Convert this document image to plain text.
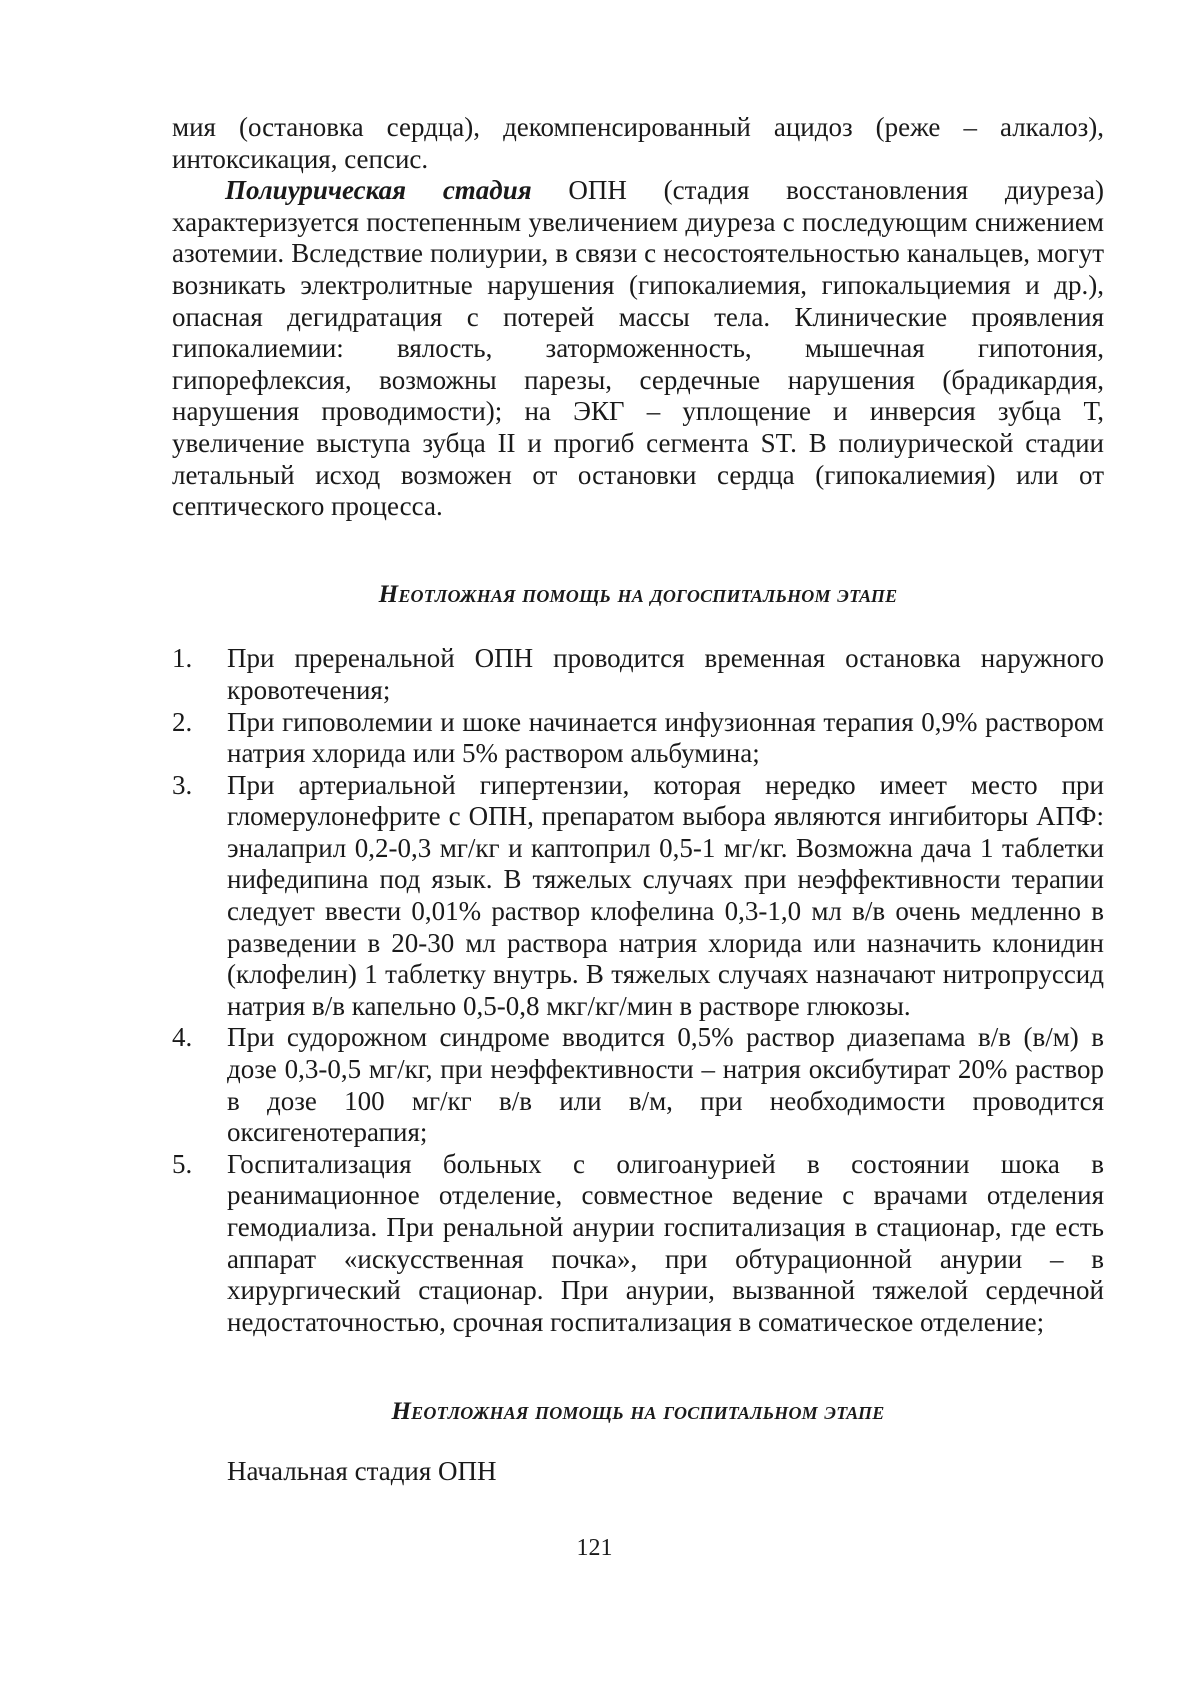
мия (остановка сердца), декомпенсированный ацидоз (реже – алкалоз), интоксикация, сепсис.

Полиурическая стадия ОПН (стадия восстановления диуреза) характеризуется постепенным увеличением диуреза с последующим снижением азотемии. Вследствие полиурии, в связи с несостоятельностью канальцев, могут возникать электролитные нарушения (гипокалиемия, гипокальциемия и др.), опасная дегидратация с потерей массы тела. Клинические проявления гипокалиемии: вялость, заторможенность, мышечная гипотония, гипорефлексия, возможны парезы, сердечные нарушения (брадикардия, нарушения проводимости); на ЭКГ – уплощение и инверсия зубца Т, увеличение выступа зубца II и прогиб сегмента ST. В полиурической стадии летальный исход возможен от остановки сердца (гипокалиемия) или от септического процесса.

Неотложная помощь на догоспитальном этапе
1. При преренальной ОПН проводится временная остановка наружного кровотечения;
2. При гиповолемии и шоке начинается инфузионная терапия 0,9% раствором натрия хлорида или 5% раствором альбумина;
3. При артериальной гипертензии, которая нередко имеет место при гломерулонефрите с ОПН, препаратом выбора являются ингибиторы АПФ: эналаприл 0,2-0,3 мг/кг и каптоприл 0,5-1 мг/кг. Возможна дача 1 таблетки нифедипина под язык. В тяжелых случаях при неэффективности терапии следует ввести 0,01% раствор клофелина 0,3-1,0 мл в/в очень медленно в разведении в 20-30 мл раствора натрия хлорида или назначить клонидин (клофелин) 1 таблетку внутрь. В тяжелых случаях назначают нитропруссид натрия в/в капельно 0,5-0,8 мкг/кг/мин в растворе глюкозы.
4. При судорожном синдроме вводится 0,5% раствор диазепама в/в (в/м) в дозе 0,3-0,5 мг/кг, при неэффективности – натрия оксибутират 20% раствор в дозе 100 мг/кг в/в или в/м, при необходимости проводится оксигенотерапия;
5. Госпитализация больных с олигоанурией в состоянии шока в реанимационное отделение, совместное ведение с врачами отделения гемодиализа. При ренальной анурии госпитализация в стационар, где есть аппарат «искусственная почка», при обтурационной анурии – в хирургический стационар. При анурии, вызванной тяжелой сердечной недостаточностью, срочная госпитализация в соматическое отделение;
Неотложная помощь на госпитальном этапе

Начальная стадия ОПН

121
